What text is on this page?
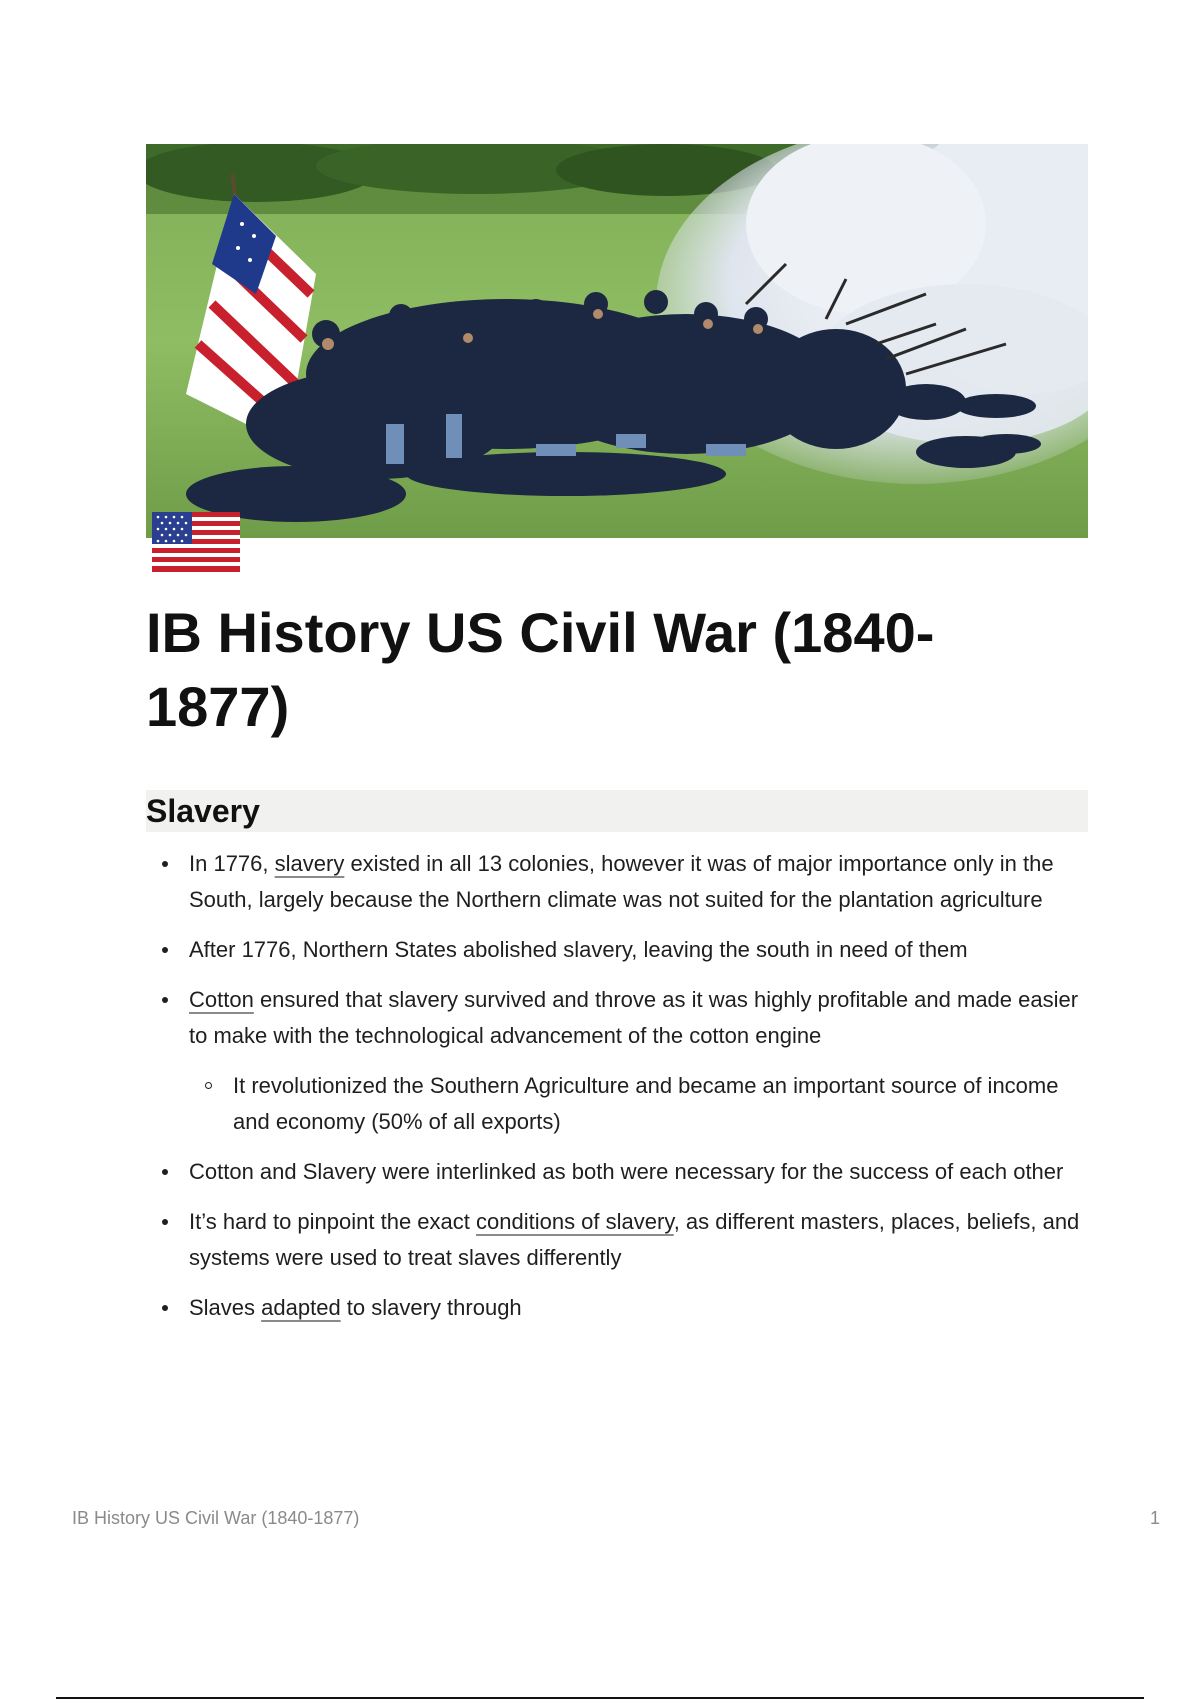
IB History US Civil War (1840-1877)
Slavery
In 1776, slavery existed in all 13 colonies, however it was of major importance only in the South, largely because the Northern climate was not suited for the plantation agriculture
After 1776, Northern States abolished slavery, leaving the south in need of them
Cotton ensured that slavery survived and throve as it was highly profitable and made easier to make with the technological advancement of the cotton engine
It revolutionized the Southern Agriculture and became an important source of income and economy (50% of all exports)
Cotton and Slavery were interlinked as both were necessary for the success of each other
It’s hard to pinpoint the exact conditions of slavery, as different masters, places, beliefs, and systems were used to treat slaves differently
Slaves adapted to slavery through
IB History US Civil War (1840-1877)	1
